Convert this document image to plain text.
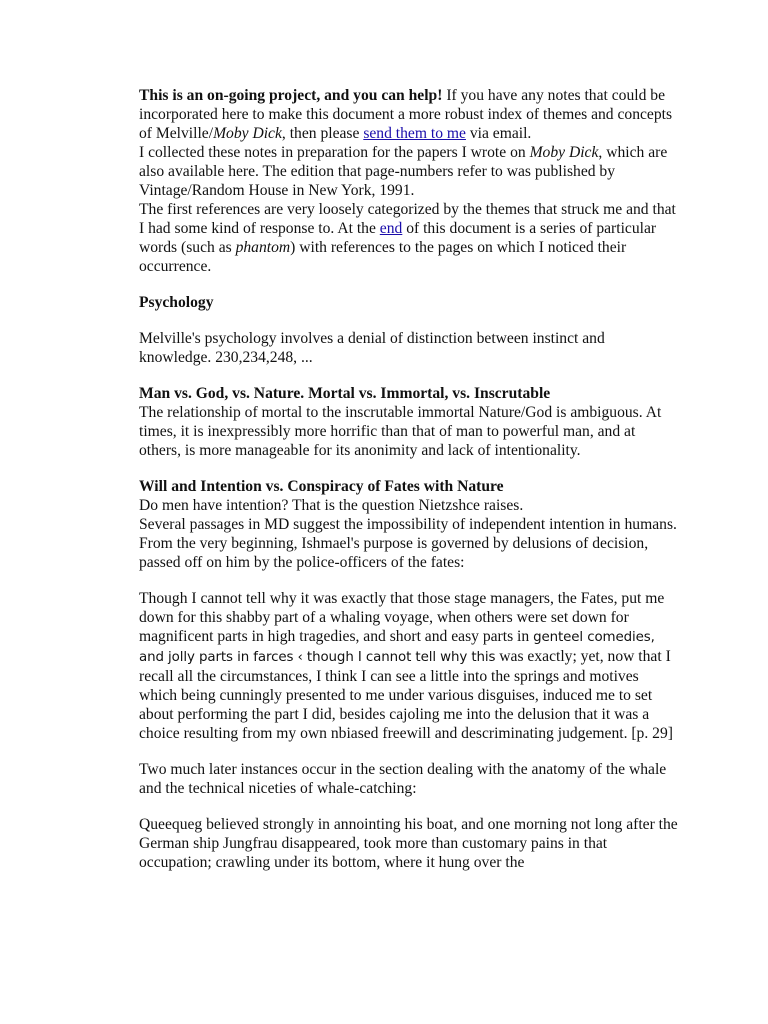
This is an on-going project, and you can help! If you have any notes that could be incorporated here to make this document a more robust index of themes and concepts of Melville/Moby Dick, then please send them to me via email.

I collected these notes in preparation for the papers I wrote on Moby Dick, which are also available here. The edition that page-numbers refer to was published by Vintage/Random House in New York, 1991.

The first references are very loosely categorized by the themes that struck me and that I had some kind of response to. At the end of this document is a series of particular words (such as phantom) with references to the pages on which I noticed their occurrence.

Psychology

Melville's psychology involves a denial of distinction between instinct and knowledge. 230,234,248, ...

Man vs. God, vs. Nature. Mortal vs. Immortal, vs. Inscrutable

The relationship of mortal to the inscrutable immortal Nature/God is ambiguous. At times, it is inexpressibly more horrific than that of man to powerful man, and at others, is more manageable for its anonimity and lack of intentionality.

Will and Intention vs. Conspiracy of Fates with Nature

Do men have intention? That is the question Nietzshce raises.

Several passages in MD suggest the impossibility of independent intention in humans. From the very beginning, Ishmael's purpose is governed by delusions of decision, passed off on him by the police-officers of the fates:

Though I cannot tell why it was exactly that those stage managers, the Fates, put me down for this shabby part of a whaling voyage, when others were set down for magnificent parts in high tragedies, and short and easy parts in genteel comedies, and jolly parts in farces ‹ though I cannot tell why this was exactly; yet, now that I recall all the circumstances, I think I can see a little into the springs and motives which being cunningly presented to me under various disguises, induced me to set about performing the part I did, besides cajoling me into the delusion that it was a choice resulting from my own nbiased freewill and descriminating judgement. [p. 29]

Two much later instances occur in the section dealing with the anatomy of the whale and the technical niceties of whale-catching:

Queequeg believed strongly in annointing his boat, and one morning not long after the German ship Jungfrau disappeared, took more than customary pains in that occupation; crawling under its bottom, where it hung over the
